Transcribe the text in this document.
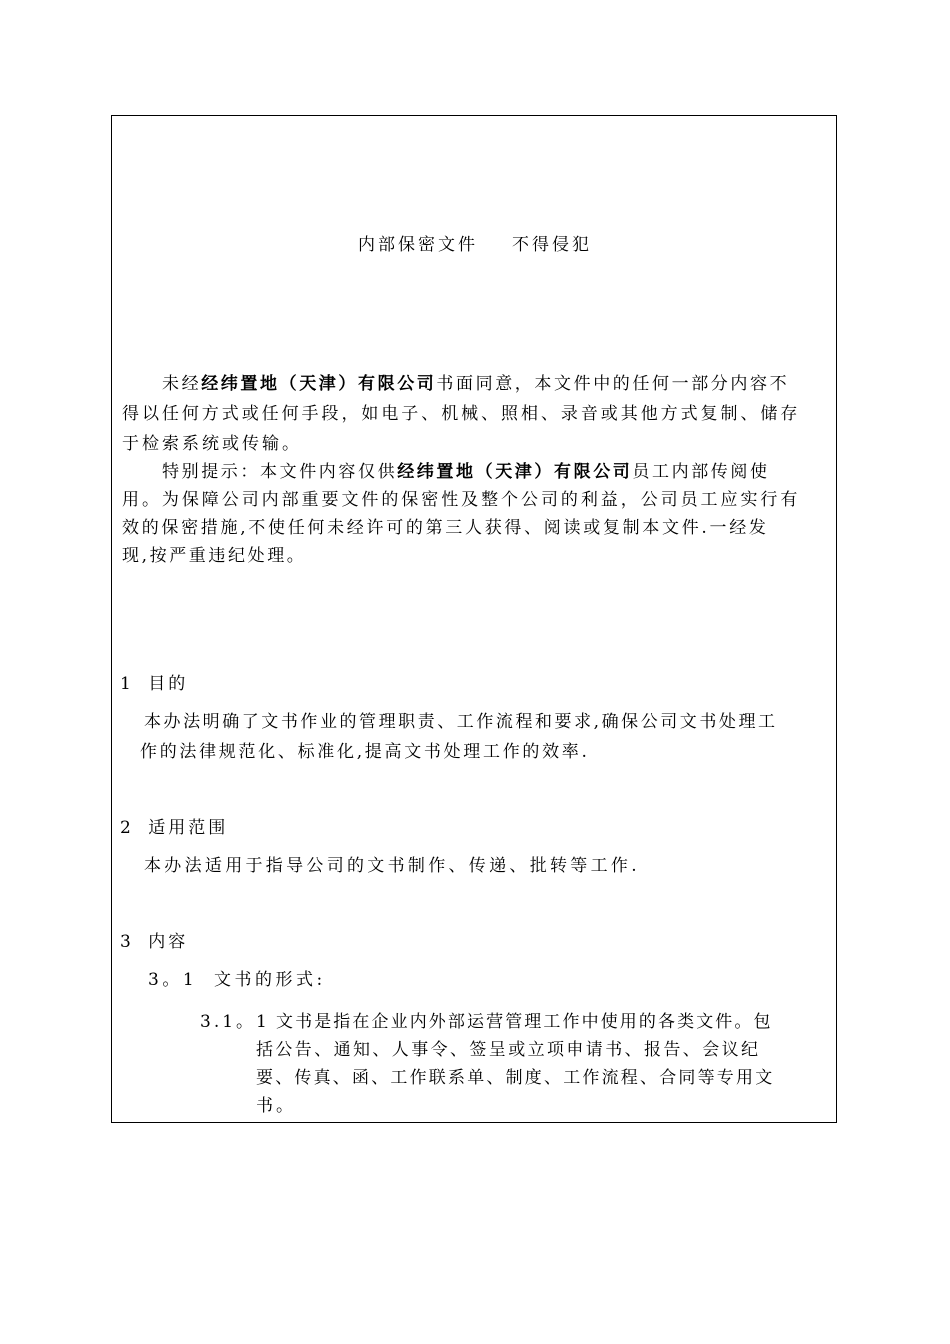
内部保密文件 不得侵犯
未经经纬置地（天津）有限公司书面同意，本文件中的任何一部分内容不
得以任何方式或任何手段，如电子、机械、照相、录音或其他方式复制、储存
于检索系统或传输。
特别提示：本文件内容仅供经纬置地（天津）有限公司员工内部传阅使
用。为保障公司内部重要文件的保密性及整个公司的利益，公司员工应实行有
效的保密措施,不使任何未经许可的第三人获得、阅读或复制本文件.一经发
现,按严重违纪处理。
1 目的
本办法明确了文书作业的管理职责、工作流程和要求,确保公司文书处理工
作的法律规范化、标准化,提高文书处理工作的效率.
2 适用范围
本办法适用于指导公司的文书制作、传递、批转等工作.
3 内容
3。1 文书的形式:
3.1。1 文书是指在企业内外部运营管理工作中使用的各类文件。包
括公告、通知、人事令、签呈或立项申请书、报告、会议纪
要、传真、函、工作联系单、制度、工作流程、合同等专用文
书。
